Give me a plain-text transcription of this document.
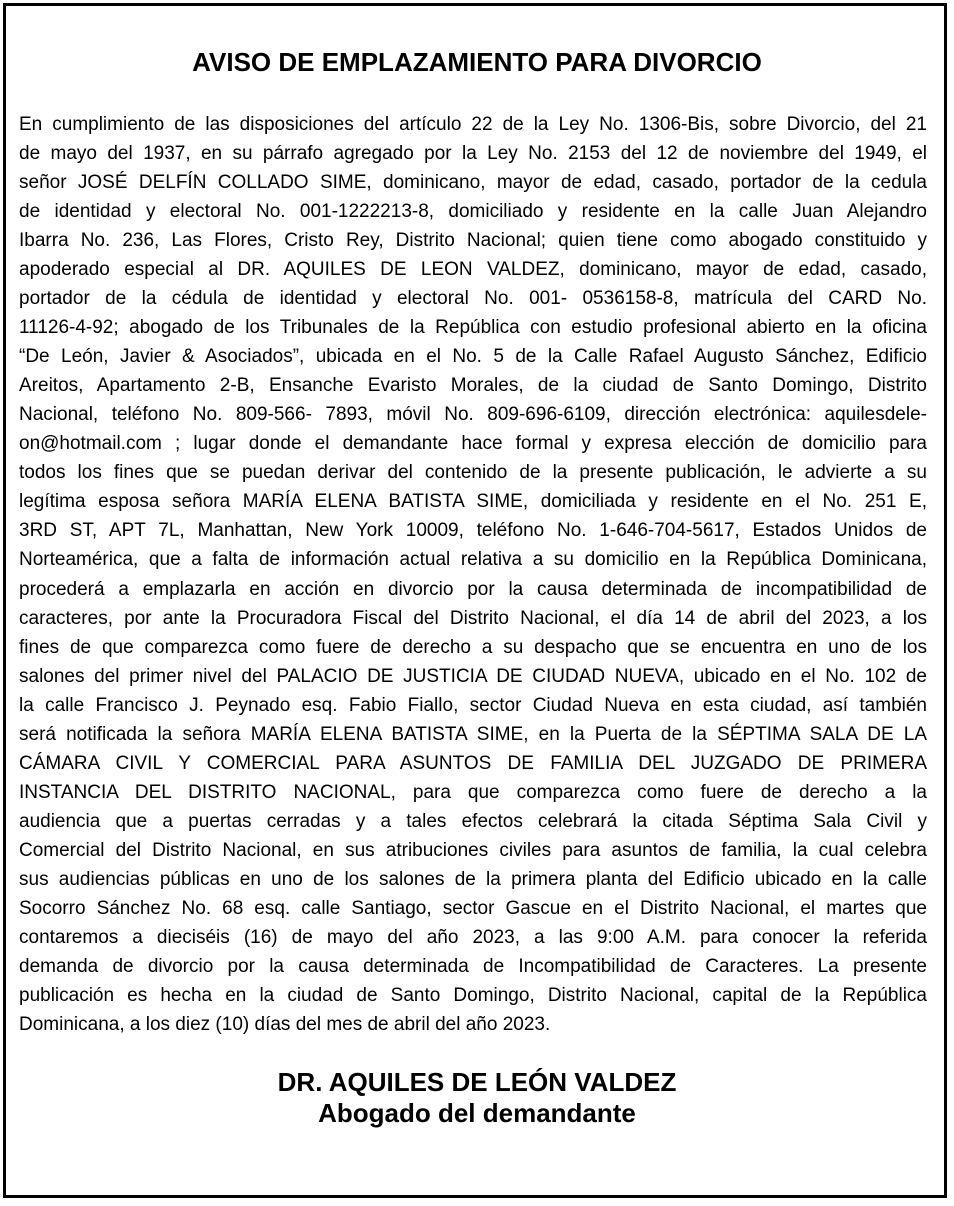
AVISO DE EMPLAZAMIENTO PARA DIVORCIO
En cumplimiento de las disposiciones del artículo 22 de la Ley No. 1306-Bis, sobre Divorcio, del 21
de mayo del 1937, en su párrafo agregado por la Ley No. 2153 del 12 de noviembre del 1949, el
señor JOSÉ DELFÍN COLLADO SIME, dominicano, mayor de edad, casado, portador de la cedula
de identidad y electoral No. 001-1222213-8, domiciliado y residente en la calle Juan Alejandro
Ibarra No. 236, Las Flores, Cristo Rey, Distrito Nacional; quien tiene como abogado constituido y
apoderado especial al DR. AQUILES DE LEON VALDEZ, dominicano, mayor de edad, casado,
portador de la cédula de identidad y electoral No. 001- 0536158-8, matrícula del CARD No.
11126-4-92; abogado de los Tribunales de la República con estudio profesional abierto en la oficina
“De León, Javier & Asociados”, ubicada en el No. 5 de la Calle Rafael Augusto Sánchez, Edificio
Areitos, Apartamento 2-B, Ensanche Evaristo Morales, de la ciudad de Santo Domingo, Distrito
Nacional, teléfono No. 809-566- 7893, móvil No. 809-696-6109, dirección electrónica: aquilesdele-
on@hotmail.com ; lugar donde el demandante hace formal y expresa elección de domicilio para
todos los fines que se puedan derivar del contenido de la presente publicación, le advierte a su
legítima esposa señora MARÍA ELENA BATISTA SIME, domiciliada y residente en el No. 251 E,
3RD ST, APT 7L, Manhattan, New York 10009, teléfono No. 1-646-704-5617, Estados Unidos de
Norteamérica, que a falta de información actual relativa a su domicilio en la República Dominicana,
procederá a emplazarla en acción en divorcio por la causa determinada de incompatibilidad de
caracteres, por ante la Procuradora Fiscal del Distrito Nacional, el día 14 de abril del 2023, a los
fines de que comparezca como fuere de derecho a su despacho que se encuentra en uno de los
salones del primer nivel del PALACIO DE JUSTICIA DE CIUDAD NUEVA, ubicado en el No. 102 de
la calle Francisco J. Peynado esq. Fabio Fiallo, sector Ciudad Nueva en esta ciudad, así también
será notificada la señora MARÍA ELENA BATISTA SIME, en la Puerta de la SÉPTIMA SALA DE LA
CÁMARA CIVIL Y COMERCIAL PARA ASUNTOS DE FAMILIA DEL JUZGADO DE PRIMERA
INSTANCIA DEL DISTRITO NACIONAL, para que comparezca como fuere de derecho a la
audiencia que a puertas cerradas y a tales efectos celebrará la citada Séptima Sala Civil y
Comercial del Distrito Nacional, en sus atribuciones civiles para asuntos de familia, la cual celebra
sus audiencias públicas en uno de los salones de la primera planta del Edificio ubicado en la calle
Socorro Sánchez No. 68 esq. calle Santiago, sector Gascue en el Distrito Nacional, el martes que
contaremos a dieciséis (16) de mayo del año 2023, a las 9:00 A.M. para conocer la referida
demanda de divorcio por la causa determinada de Incompatibilidad de Caracteres. La presente
publicación es hecha en la ciudad de Santo Domingo, Distrito Nacional, capital de la República
Dominicana, a los diez (10) días del mes de abril del año 2023.
DR. AQUILES DE LEÓN VALDEZ
Abogado del demandante
